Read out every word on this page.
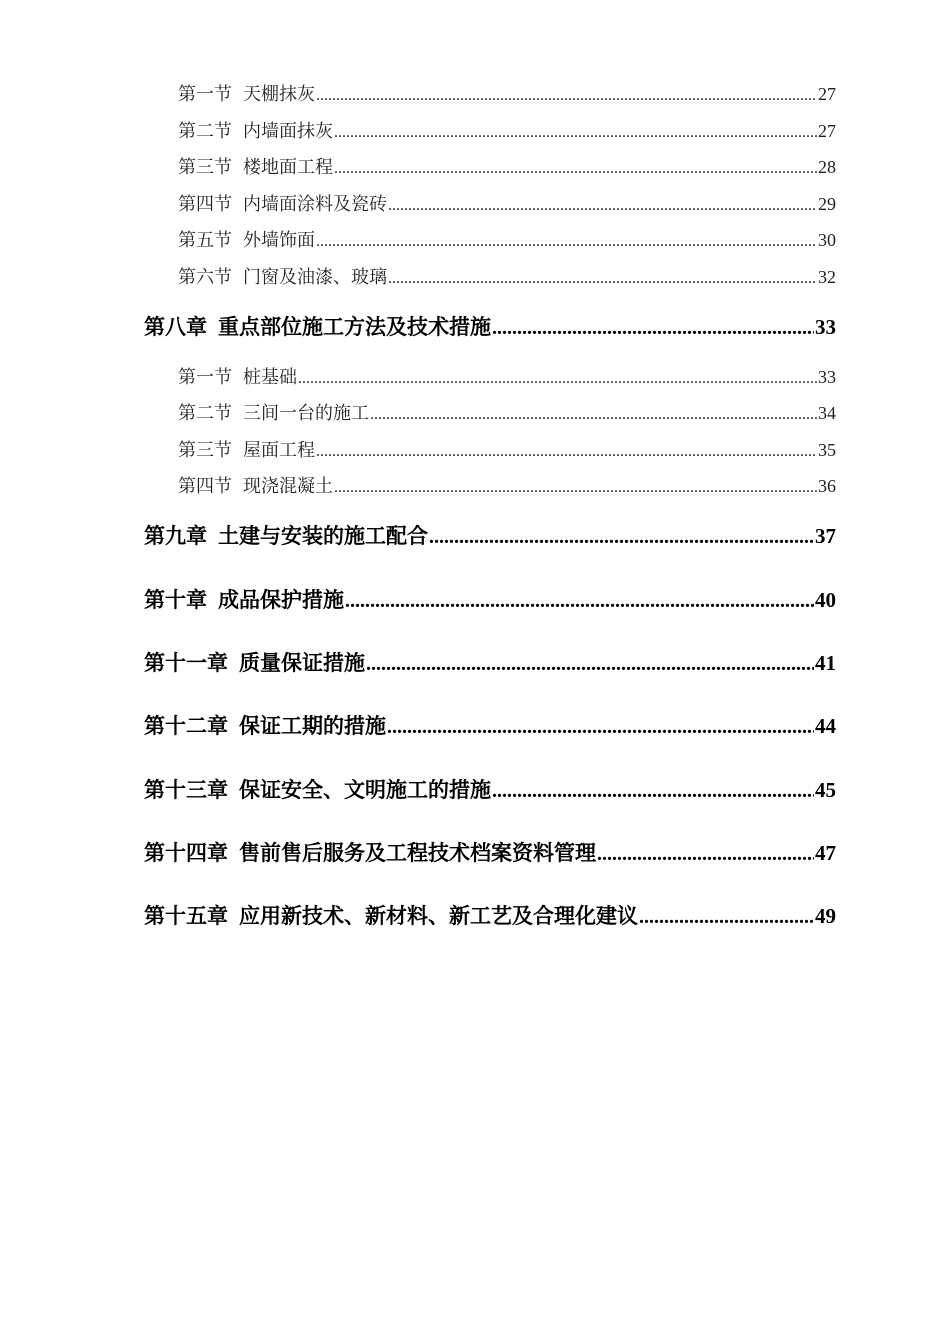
第一节 天棚抹灰 .....	27
第二节 内墙面抹灰 .....	27
第三节 楼地面工程 .....	28
第四节 内墙面涂料及瓷砖 .....	29
第五节 外墙饰面 .....	30
第六节 门窗及油漆、玻璃 .....	32
第八章 重点部位施工方法及技术措施 .....	33
第一节 桩基础 .....	33
第二节 三间一台的施工 .....	34
第三节 屋面工程 .....	35
第四节 现浇混凝土 .....	36
第九章 土建与安装的施工配合 .....	37
第十章 成品保护措施 .....	40
第十一章 质量保证措施 .....	41
第十二章 保证工期的措施 .....	44
第十三章 保证安全、文明施工的措施 .....	45
第十四章 售前售后服务及工程技术档案资料管理 .....	47
第十五章 应用新技术、新材料、新工艺及合理化建议 .....	49
